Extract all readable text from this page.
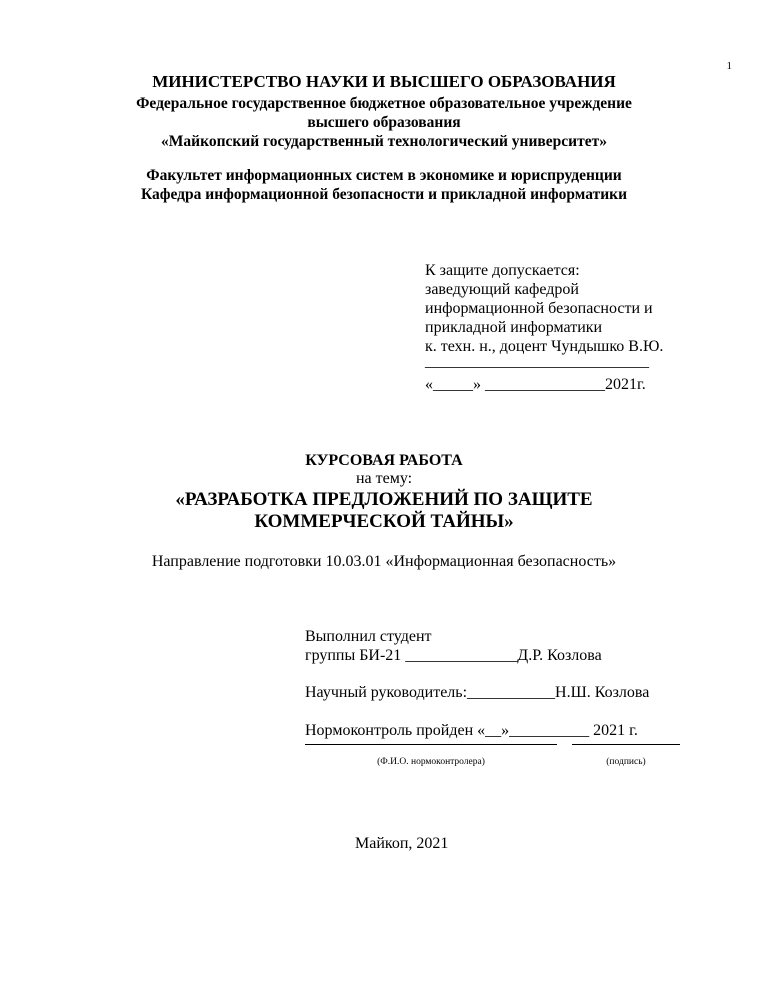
1
МИНИСТЕРСТВО НАУКИ И ВЫСШЕГО ОБРАЗОВАНИЯ
Федеральное государственное бюджетное образовательное учреждение
высшего образования
«Майкопский государственный технологический университет»
Факультет информационных систем в экономике и юриспруденции
Кафедра информационной безопасности и прикладной информатики
К защите допускается:
заведующий кафедрой
информационной безопасности и
прикладной информатики
к. техн. н., доцент Чундышко В.Ю.
____________________________
«_____» _______________2021г.
КУРСОВАЯ РАБОТА
на тему:
«РАЗРАБОТКА ПРЕДЛОЖЕНИЙ ПО ЗАЩИТЕ
КОММЕРЧЕСКОЙ ТАЙНЫ»
Направление подготовки 10.03.01 «Информационная безопасность»
Выполнил студент
группы БИ-21 ______________Д.Р. Козлова
Научный руководитель:___________Н.Ш. Козлова
Нормоконтроль пройден «__»__________ 2021 г.
(Ф.И.О. нормоконтролера)	(подпись)
Майкоп, 2021
